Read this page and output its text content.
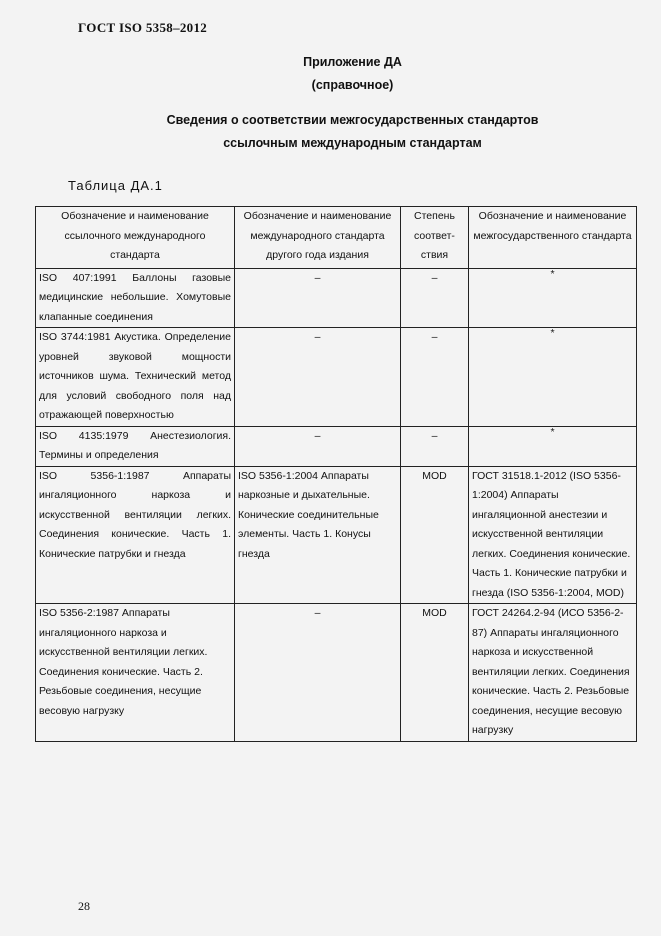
ГОСТ ISO 5358–2012
Приложение ДА
(справочное)
Сведения о соответствии межгосударственных стандартов
ссылочным международным стандартам
Таблица ДА.1
Обозначение и наименование ссылочного международного стандарта	Обозначение и наименование международного стандарта другого года издания	Степень соответ-ствия	Обозначение и наименование межгосударственного стандарта
ISO 407:1991 Баллоны газовые медицинские небольшие. Хомутовые клапанные соединения	–	–	*
ISO 3744:1981 Акустика. Определение уровней звуковой мощности источников шума. Технический метод для условий свободного поля над отражающей поверхностью	–	–	*
ISO 4135:1979 Анестезиология. Термины и определения	–	–	*
ISO 5356-1:1987 Аппараты ингаляционного наркоза и искусственной вентиляции легких. Соединения конические. Часть 1. Конические патрубки и гнезда	ISO 5356-1:2004 Аппараты наркозные и дыхательные. Конические соединительные элементы. Часть 1. Конусы гнезда	MOD	ГОСТ 31518.1-2012 (ISO 5356-1:2004) Аппараты ингаляционной анестезии и искусственной вентиляции легких. Соединения конические. Часть 1. Конические патрубки и гнезда (ISO 5356-1:2004, MOD)
ISO 5356-2:1987 Аппараты ингаляционного наркоза и искусственной вентиляции легких. Соединения конические. Часть 2. Резьбовые соединения, несущие весовую нагрузку	–	MOD	ГОСТ 24264.2-94 (ИСО 5356-2-87) Аппараты ингаляционного наркоза и искусственной вентиляции легких. Соединения конические. Часть 2. Резьбовые соединения, несущие весовую нагрузку
28
